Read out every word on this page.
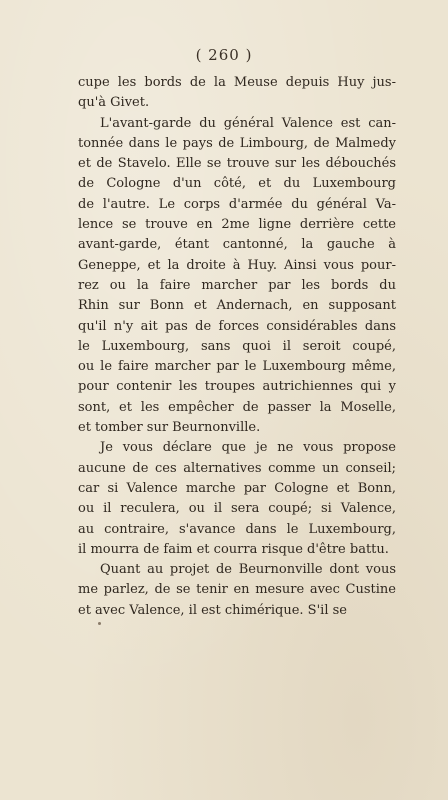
( 260 )
cupe les bords de la Meuse depuis Huy jus-
qu'à Givet.
L'avant-garde du général Valence est can-
tonnée dans le pays de Limbourg, de Malmedy
et de Stavelo. Elle se trouve sur les débouchés
de Cologne d'un côté, et du Luxembourg
de l'autre. Le corps d'armée du général Va-
lence se trouve en 2me ligne derrière cette
avant-garde, étant cantonné, la gauche à
Geneppe, et la droite à Huy. Ainsi vous pour-
rez ou la faire marcher par les bords du
Rhin sur Bonn et Andernach, en supposant
qu'il n'y ait pas de forces considérables dans
le Luxembourg, sans quoi il seroit coupé,
ou le faire marcher par le Luxembourg même,
pour contenir les troupes autrichiennes qui y
sont, et les empêcher de passer la Moselle,
et tomber sur Beurnonville.
Je vous déclare que je ne vous propose
aucune de ces alternatives comme un conseil;
car si Valence marche par Cologne et Bonn,
ou il reculera, ou il sera coupé; si Valence,
au contraire, s'avance dans le Luxembourg,
il mourra de faim et courra risque d'être battu.
Quant au projet de Beurnonville dont vous
me parlez, de se tenir en mesure avec Custine
et avec Valence, il est chimérique. S'il se
